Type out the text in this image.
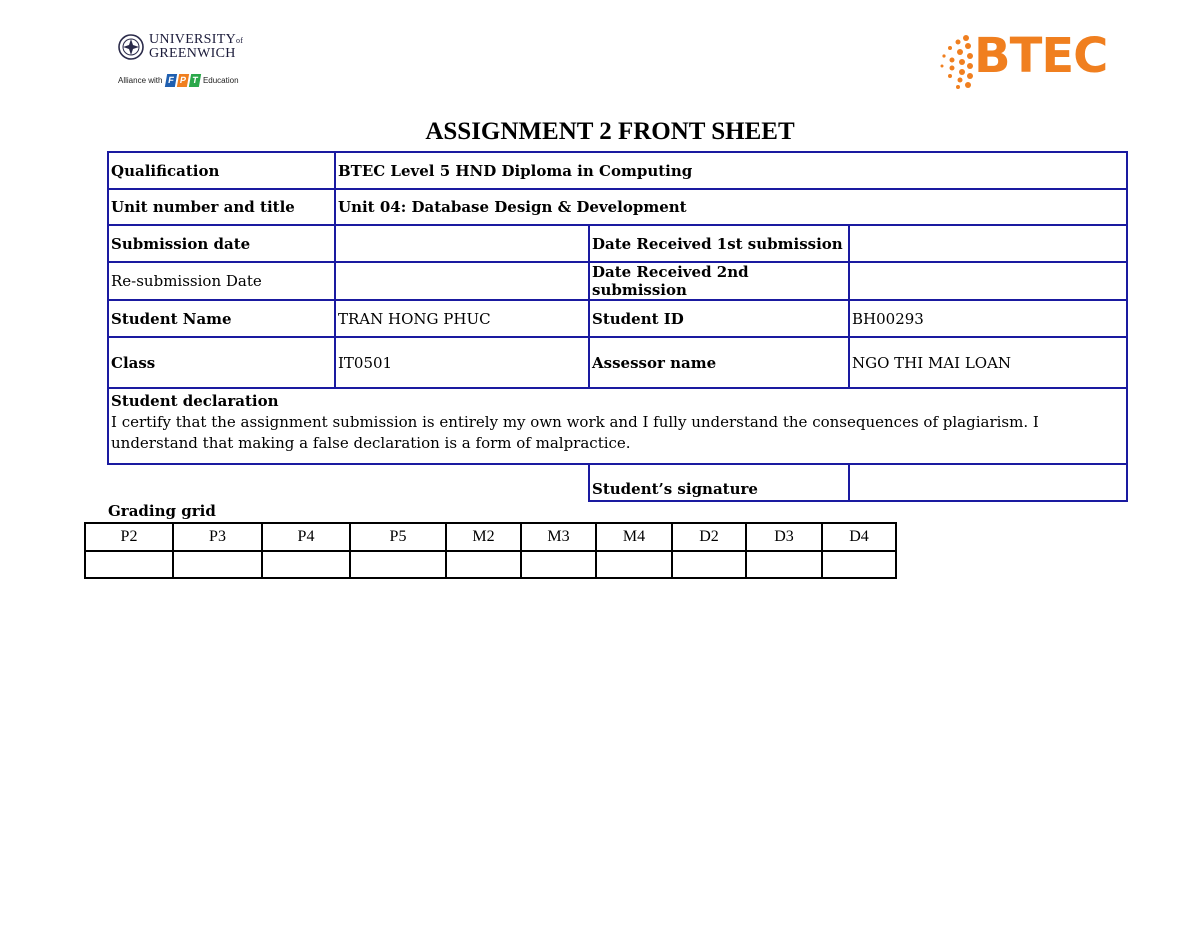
UNIVERSITYof
GREENWICH
Alliance with F P T Education	BTEC
ASSIGNMENT 2 FRONT SHEET
Qualification	BTEC Level 5 HND Diploma in Computing		
Unit number and title	Unit 04: Database Design & Development		
Submission date		Date Received 1st submission	
Re-submission Date		Date Received 2nd submission	
Student Name	TRAN HONG PHUC	Student ID	BH00293
Class	IT0501	Assessor name	NGO THI MAI LOAN

Student declaration
I certify that the assignment submission is entirely my own work and I fully understand the consequences of plagiarism. I understand that making a false declaration is a form of malpractice.			

		Student’s signature	
Grading grid
P2	P3	P4	P5	M2	M3	M4	D2	D3	D4
